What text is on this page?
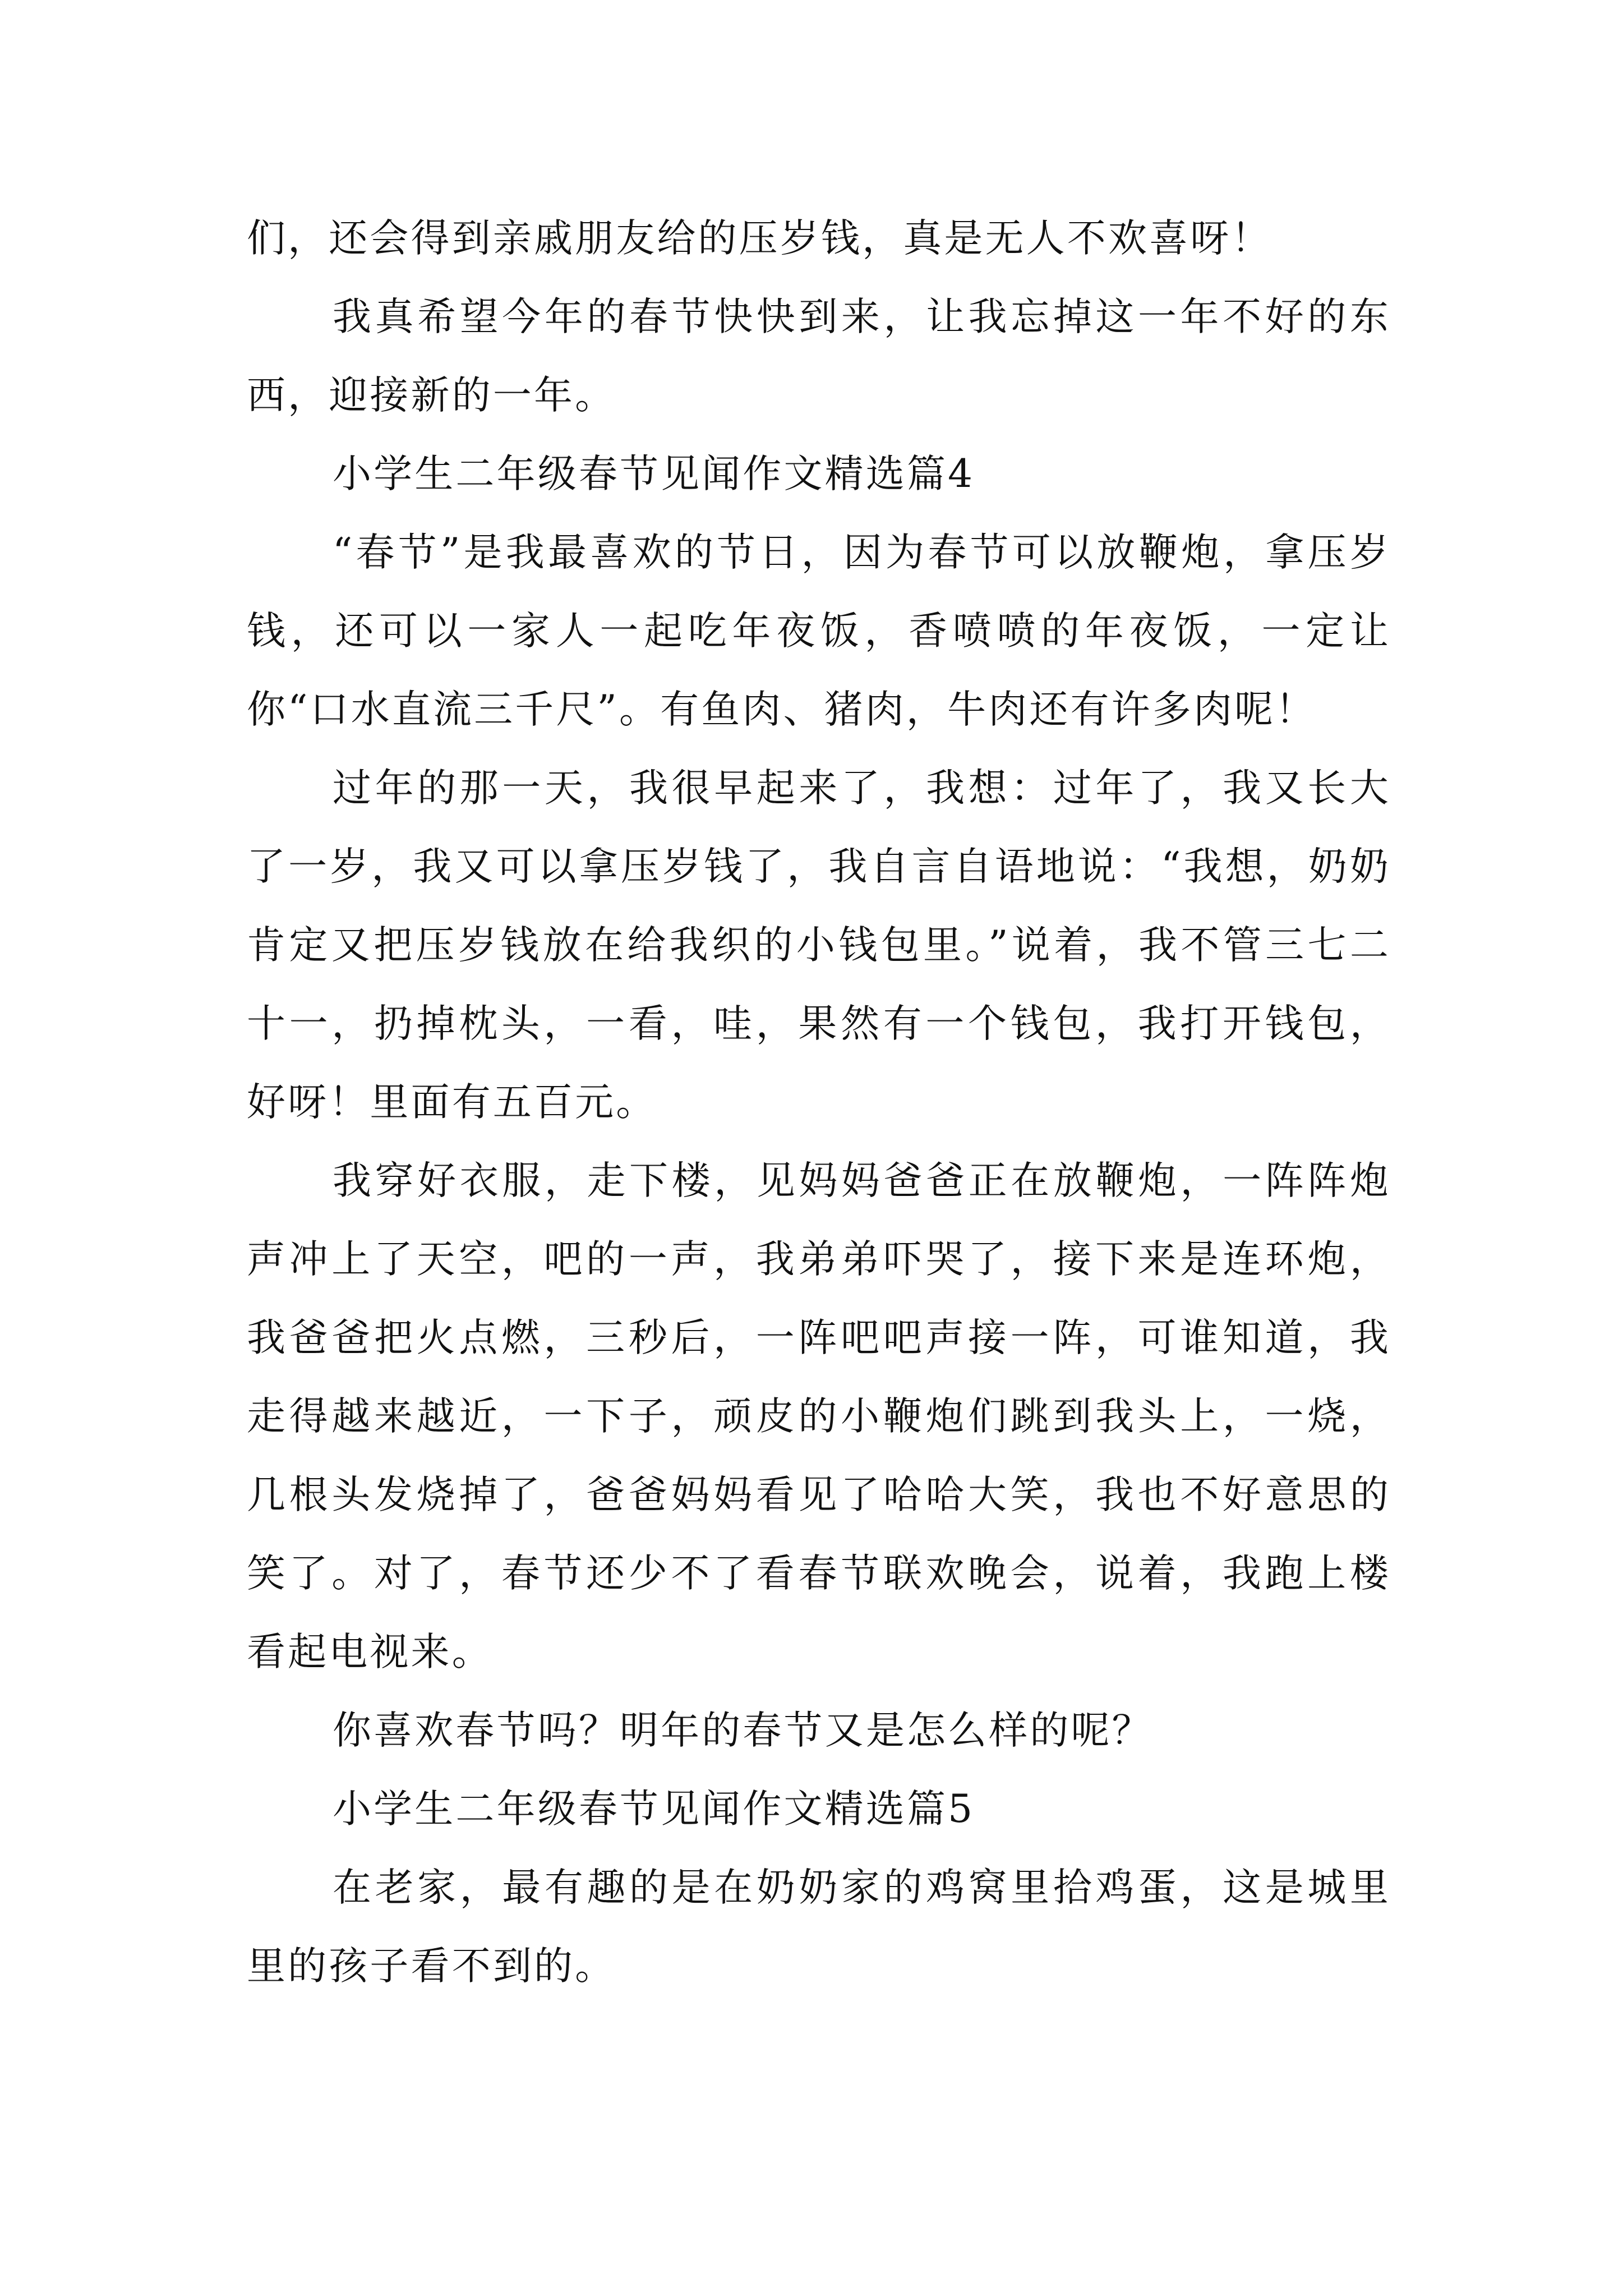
们，还会得到亲戚朋友给的压岁钱，真是无人不欢喜呀！

我真希望今年的春节快快到来，让我忘掉这一年不好的东西，迎接新的一年。

小学生二年级春节见闻作文精选篇4

“春节”是我最喜欢的节日，因为春节可以放鞭炮，拿压岁钱，还可以一家人一起吃年夜饭，香喷喷的年夜饭，一定让你“口水直流三千尺”。有鱼肉、猪肉，牛肉还有许多肉呢！

过年的那一天，我很早起来了，我想：过年了，我又长大了一岁，我又可以拿压岁钱了，我自言自语地说：“我想，奶奶肯定又把压岁钱放在给我织的小钱包里。”说着，我不管三七二十一，扔掉枕头，一看，哇，果然有一个钱包，我打开钱包，好呀！里面有五百元。

我穿好衣服，走下楼，见妈妈爸爸正在放鞭炮，一阵阵炮声冲上了天空，吧的一声，我弟弟吓哭了，接下来是连环炮，我爸爸把火点燃，三秒后，一阵吧吧声接一阵，可谁知道，我走得越来越近，一下子，顽皮的小鞭炮们跳到我头上，一烧，几根头发烧掉了，爸爸妈妈看见了哈哈大笑，我也不好意思的笑了。对了，春节还少不了看春节联欢晚会，说着，我跑上楼看起电视来。

你喜欢春节吗？明年的春节又是怎么样的呢？

小学生二年级春节见闻作文精选篇5

在老家，最有趣的是在奶奶家的鸡窝里拾鸡蛋，这是城里里的孩子看不到的。
